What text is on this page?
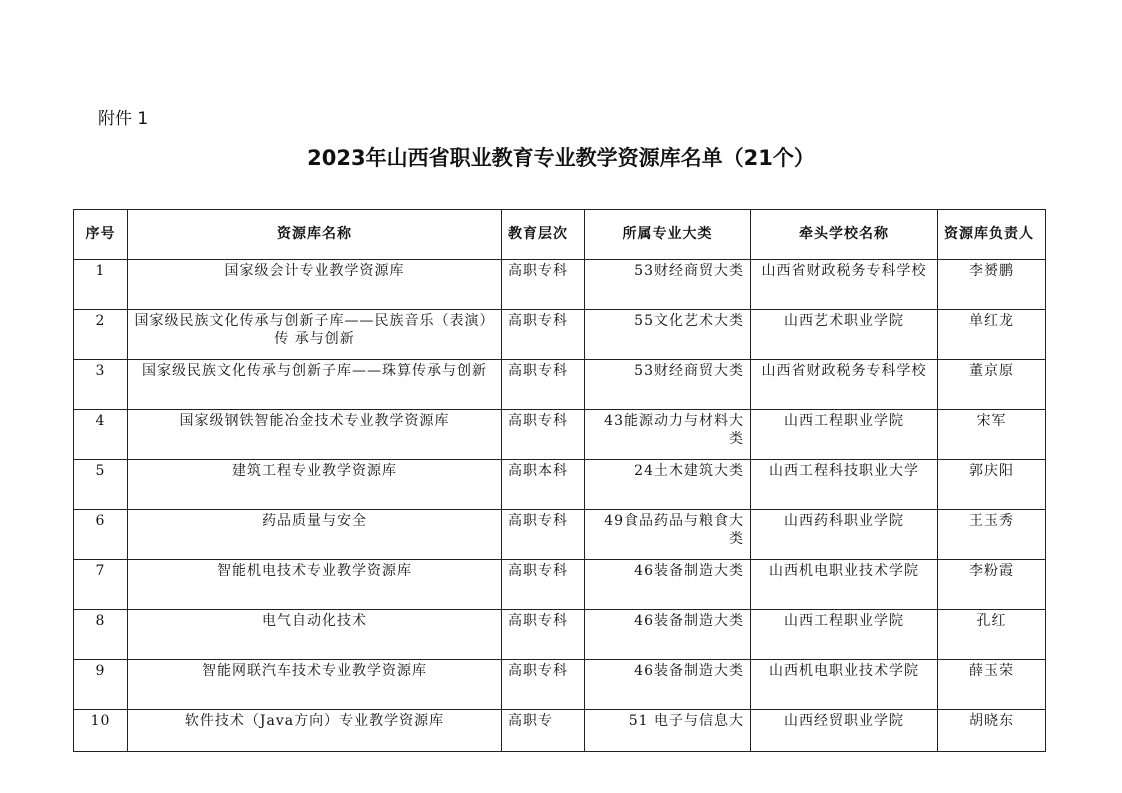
附件 1
2023年山西省职业教育专业教学资源库名单（21个）
序号	资源库名称	教育层次	所属专业大类	牵头学校名称	资源库负责人
1	国家级会计专业教学资源库	高职专科	53财经商贸大类	山西省财政税务专科学校	李赟鹏
2	国家级民族文化传承与创新子库——民族音乐（表演）传 承与创新	高职专科	55文化艺术大类	山西艺术职业学院	单红龙
3	国家级民族文化传承与创新子库——珠算传承与创新	高职专科	53财经商贸大类	山西省财政税务专科学校	董京原
4	国家级钢铁智能冶金技术专业教学资源库	高职专科	43能源动力与材料大类	山西工程职业学院	宋军
5	建筑工程专业教学资源库	高职本科	24土木建筑大类	山西工程科技职业大学	郭庆阳
6	药品质量与安全	高职专科	49食品药品与粮食大类	山西药科职业学院	王玉秀
7	智能机电技术专业教学资源库	高职专科	46装备制造大类	山西机电职业技术学院	李粉霞
8	电气自动化技术	高职专科	46装备制造大类	山西工程职业学院	孔红
9	智能网联汽车技术专业教学资源库	高职专科	46装备制造大类	山西机电职业技术学院	薛玉荣
10	软件技术（Java方向）专业教学资源库	高职专	51 电子与信息大	山西经贸职业学院	胡晓东
